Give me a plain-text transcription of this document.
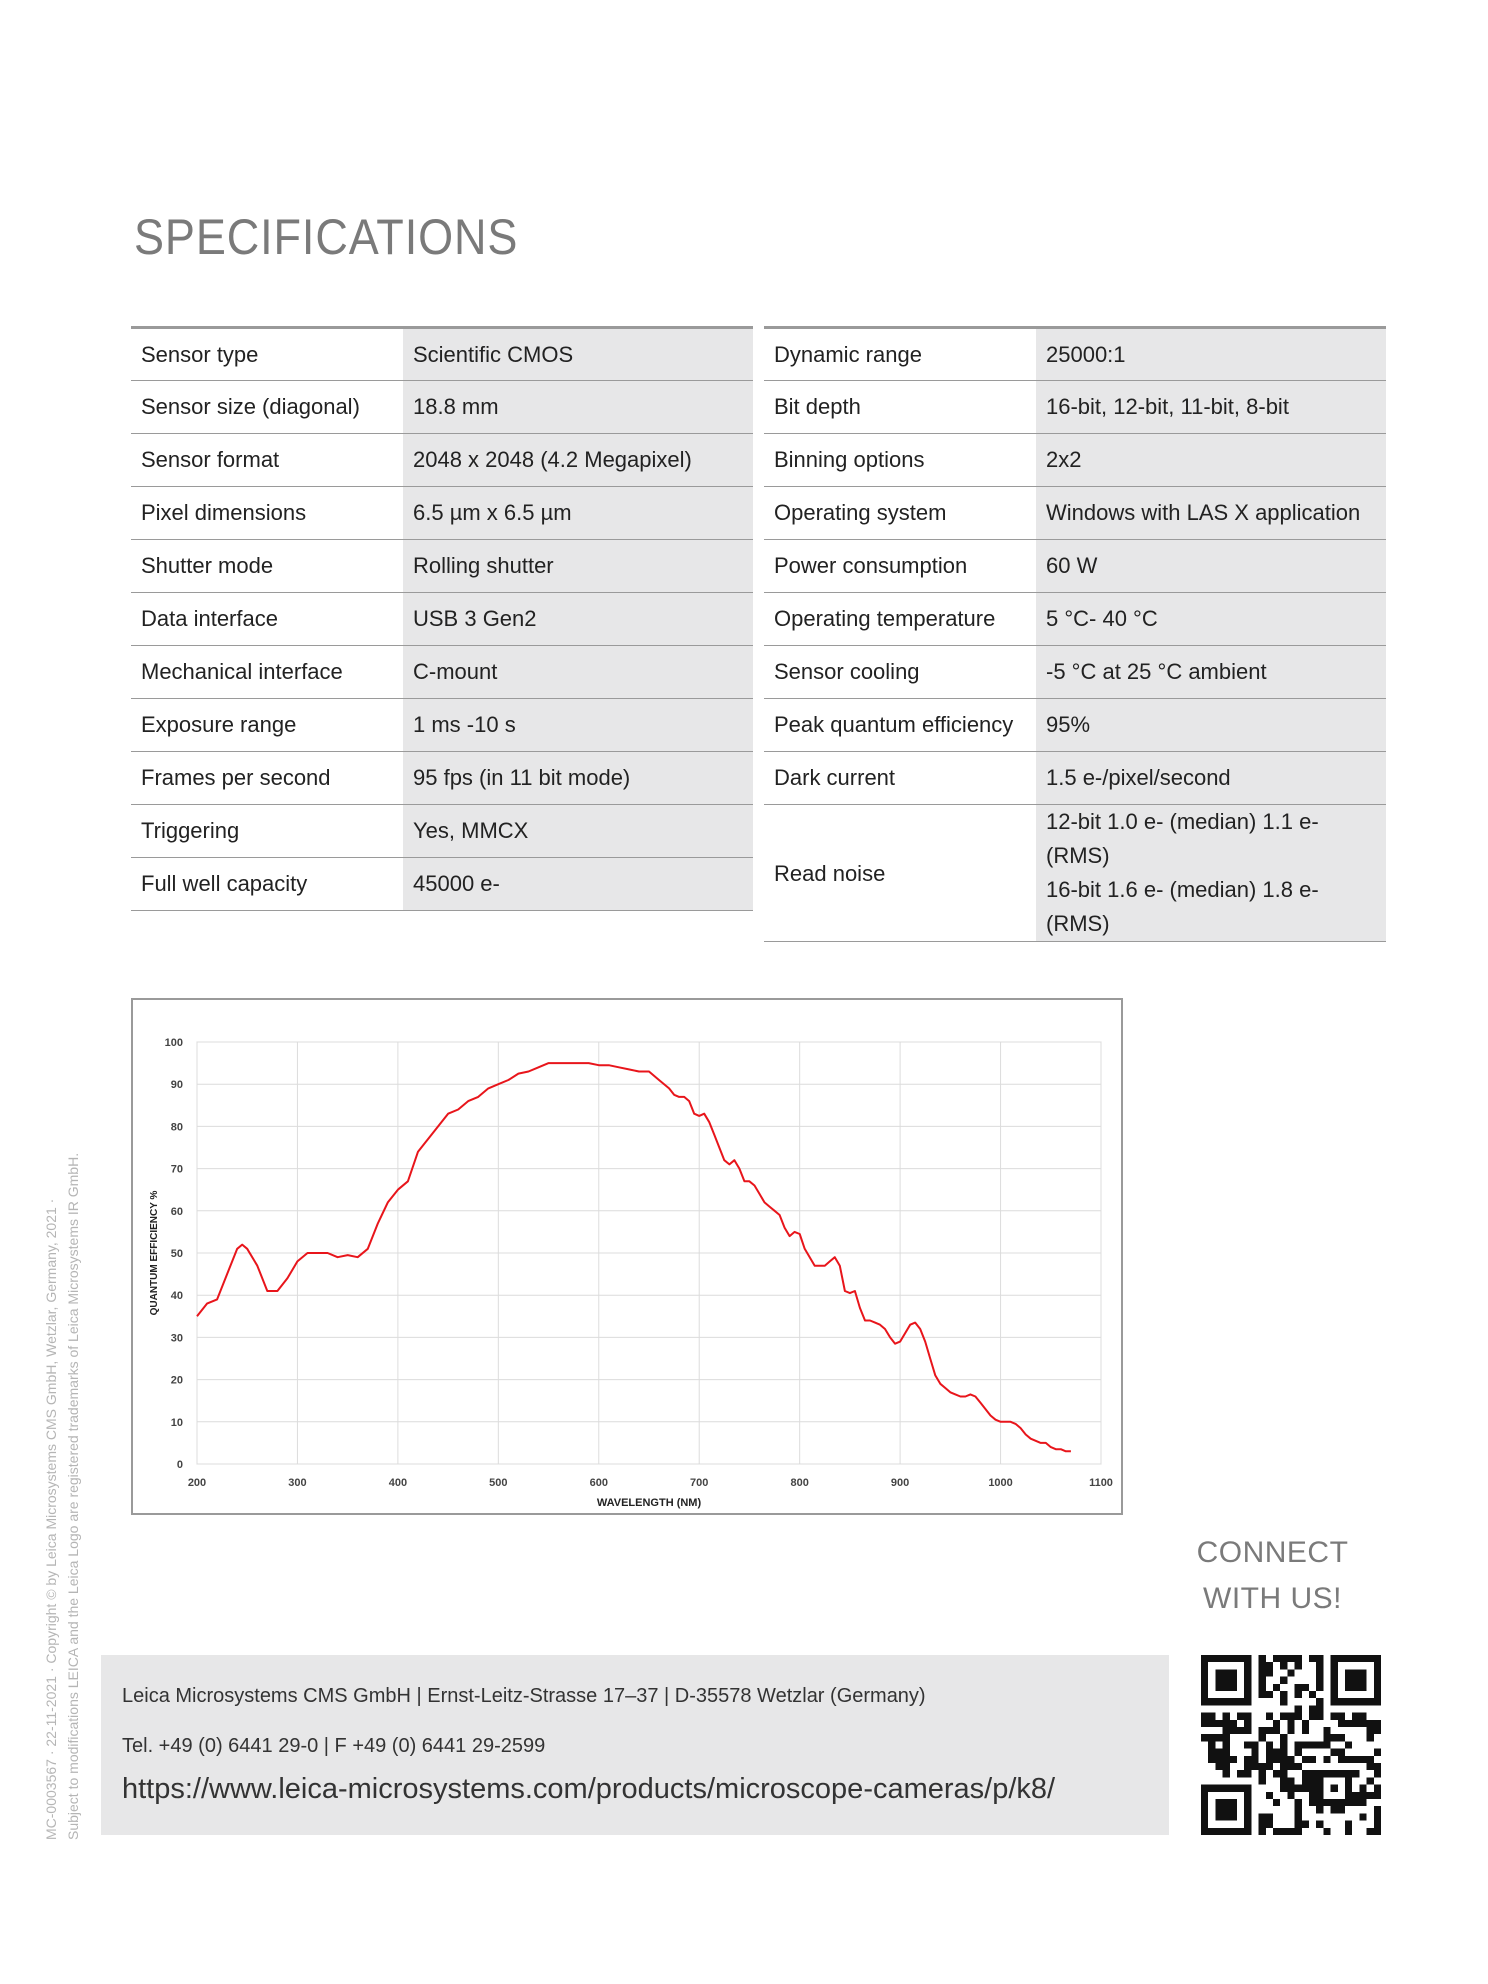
SPECIFICATIONS
Sensor type	Scientific CMOS
Sensor size (diagonal)	18.8 mm
Sensor format	2048 x 2048 (4.2 Megapixel)
Pixel dimensions	6.5 µm x 6.5 µm
Shutter mode	Rolling shutter
Data interface	USB 3 Gen2
Mechanical interface	C-mount
Exposure range	1 ms -10 s
Frames per second	95 fps (in 11 bit mode)
Triggering	Yes, MMCX
Full well capacity	45000 e-
Dynamic range	25000:1
Bit depth	16-bit, 12-bit, 11-bit, 8-bit
Binning options	2x2
Operating system	Windows with LAS X application
Power consumption	60 W
Operating temperature	5 °C- 40 °C
Sensor cooling	-5 °C at 25 °C ambient
Peak quantum efficiency	95%
Dark current	1.5 e-/pixel/second
Read noise	12-bit 1.0 e- (median) 1.1 e- (RMS)
16-bit 1.6 e- (median) 1.8 e- (RMS)
0
10
20
30
40
50
60
70
80
90
100
200	300	400	500	600	700	800	900	1000	1100
WAVELENGTH (NM)
QUANTUM EFFICIENCY %
CONNECT
WITH US!
Leica Microsystems CMS GmbH | Ernst-Leitz-Strasse 17–37 | D-35578 Wetzlar (Germany)
Tel. +49 (0) 6441 29-0 | F +49 (0) 6441 29-2599
https://www.leica-microsystems.com/products/microscope-cameras/p/k8/
MC-0003567 · 22-11-2021 · Copyright © by Leica Microsystems CMS GmbH, Wetzlar, Germany, 2021 · Subject to modifications LEICA and the Leica Logo are registered trademarks of Leica Microsystems IR GmbH.
